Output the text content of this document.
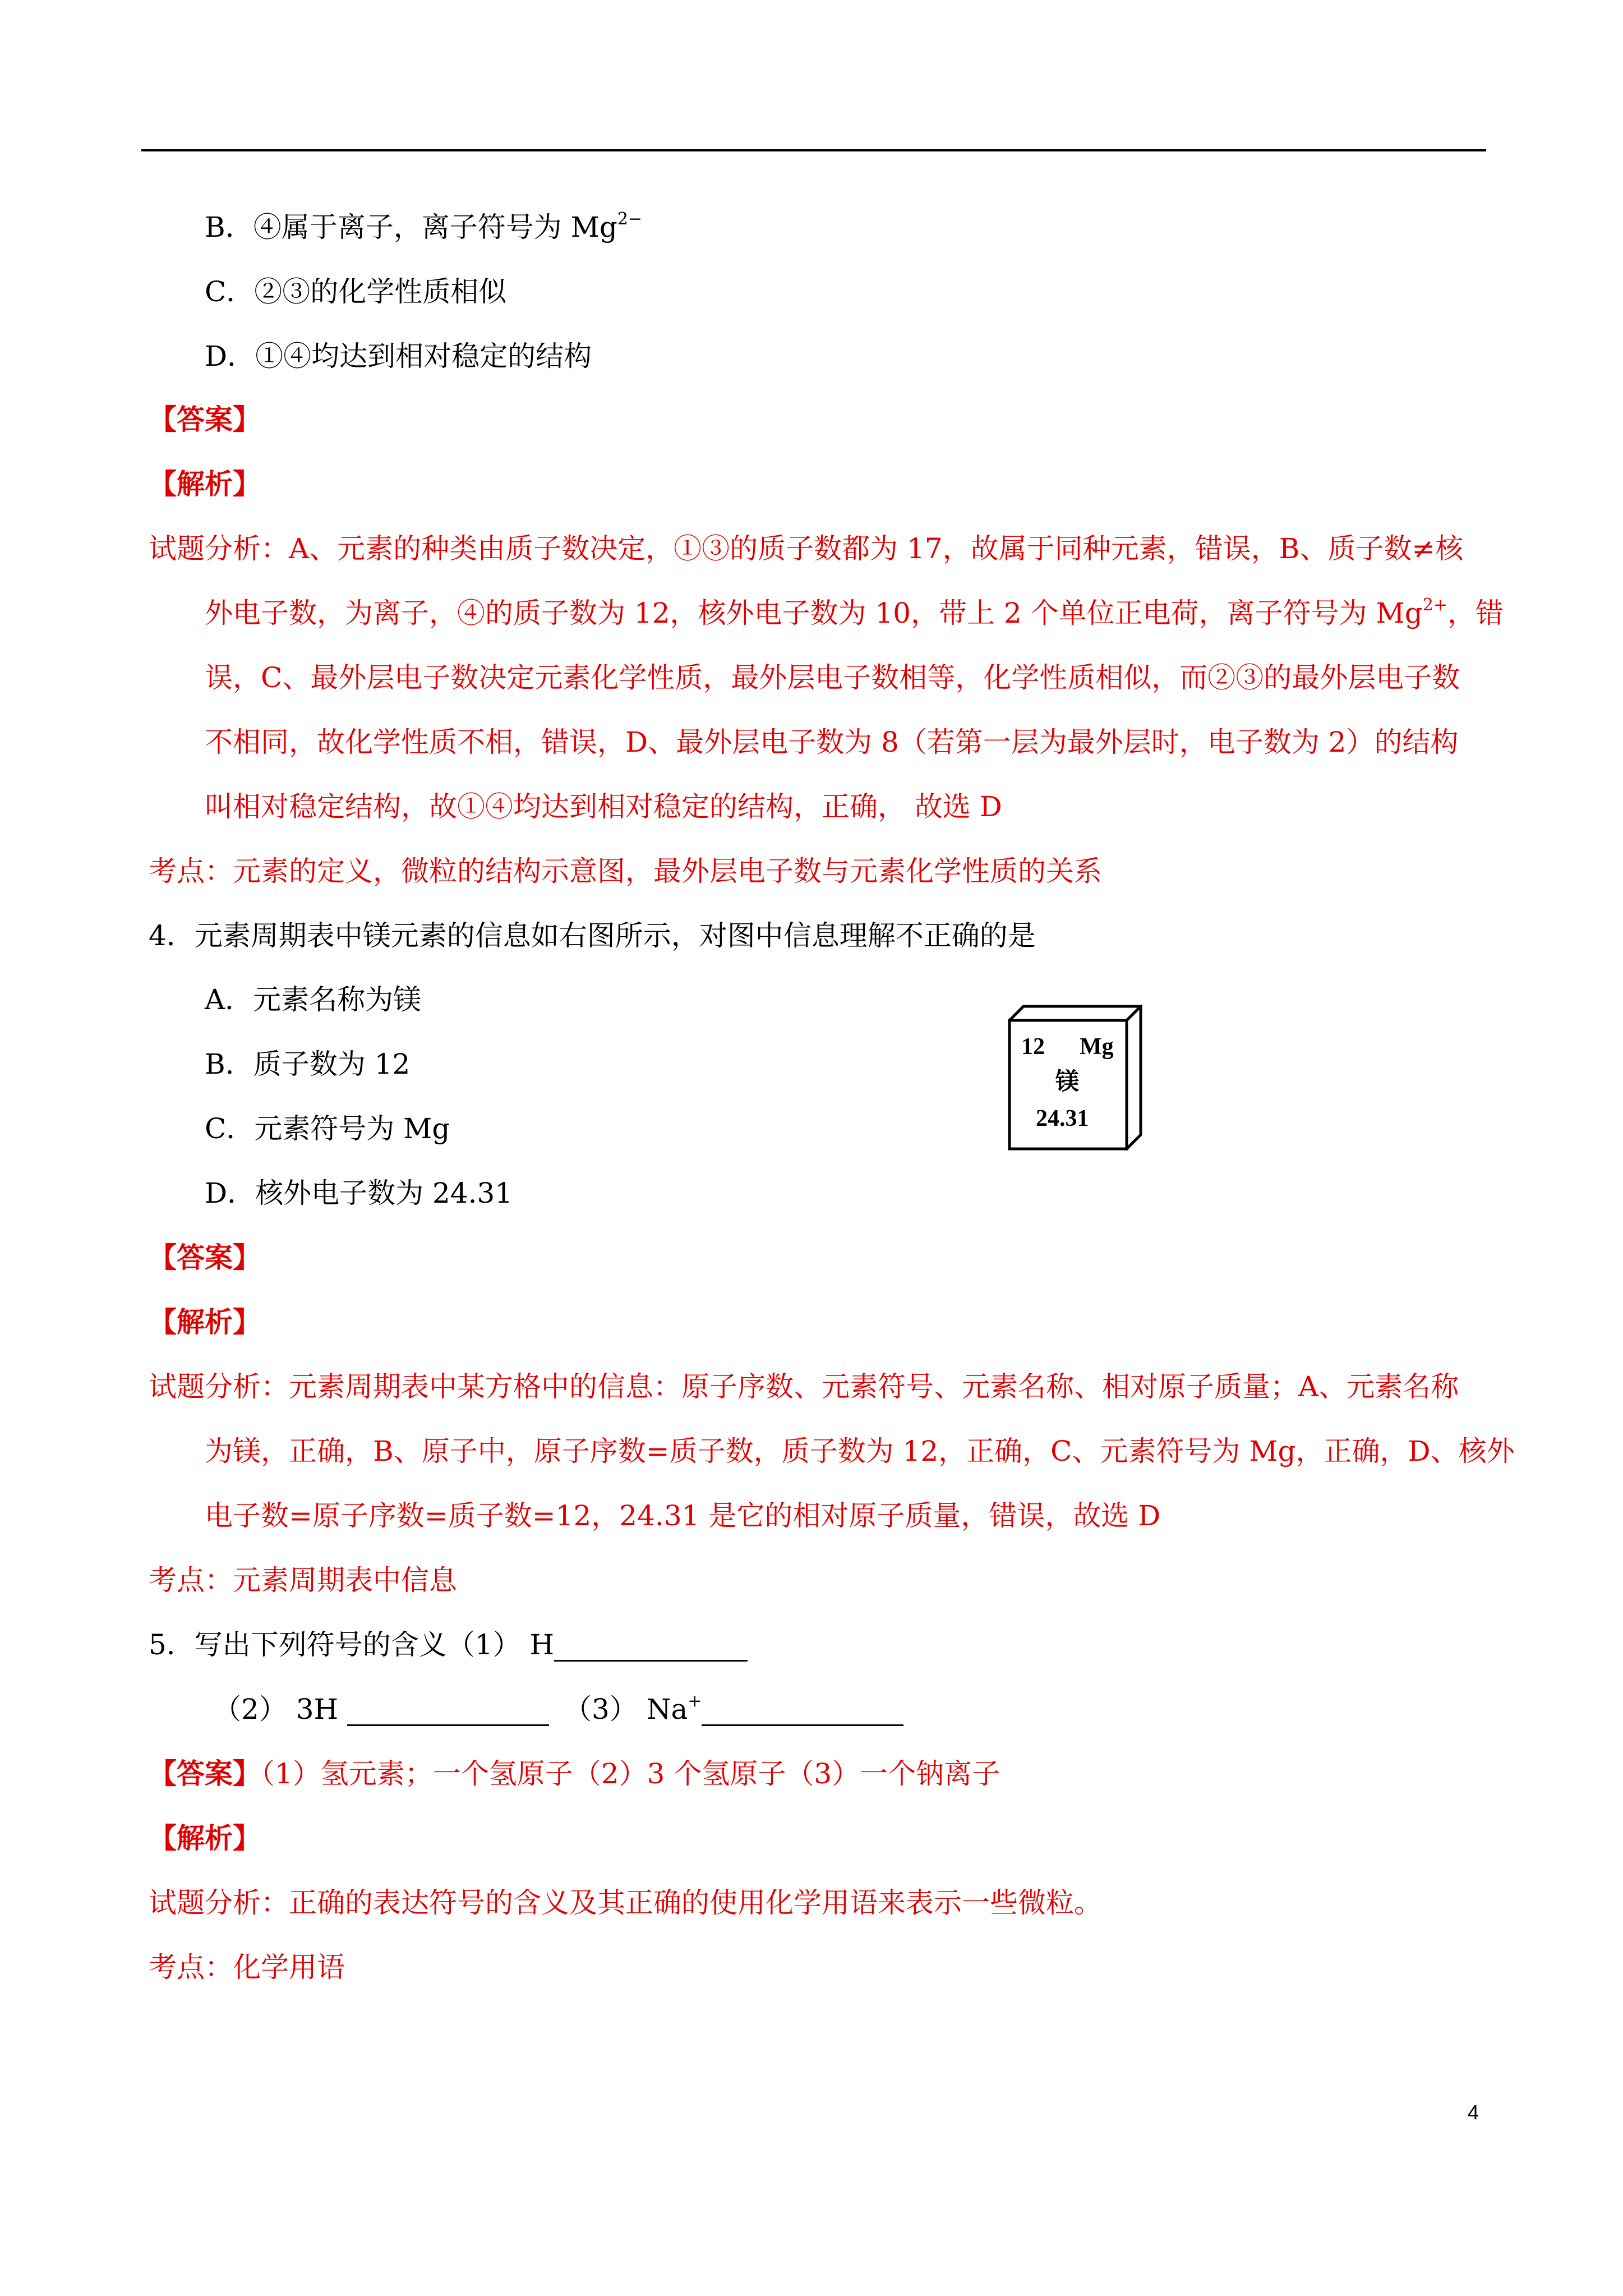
B．④属于离子，离子符号为 $Mg^{2-}$
C．②③的化学性质相似
D．①④均达到相对稳定的结构
【答案】
【解析】
试题分析：A、元素的种类由质子数决定，①③的质子数都为 17，故属于同种元素，错误，B、质子数≠核
外电子数，为离子，④的质子数为 12，核外电子数为 10，带上 2 个单位正电荷，离子符号为 $Mg^{2+}$，错
误，C、最外层电子数决定元素化学性质，最外层电子数相等，化学性质相似，而②③的最外层电子数
不相同，故化学性质不相，错误，D、最外层电子数为 8（若第一层为最外层时，电子数为 2）的结构
叫相对稳定结构，故①④均达到相对稳定的结构，正确， 故选 D
考点：元素的定义，微粒的结构示意图，最外层电子数与元素化学性质的关系
4．元素周期表中镁元素的信息如右图所示，对图中信息理解不正确的是
A．元素名称为镁
B．质子数为 12
C．元素符号为 Mg
D．核外电子数为 24.31
12 Mg
镁
24.31
【答案】
【解析】
试题分析：元素周期表中某方格中的信息：原子序数、元素符号、元素名称、相对原子质量；A、元素名称
为镁，正确，B、原子中，原子序数=质子数，质子数为 12，正确，C、元素符号为 Mg，正确，D、核外
电子数=原子序数=质子数=12，24.31 是它的相对原子质量，错误，故选 D
考点：元素周期表中信息
5．写出下列符号的含义（1） H
（2） 3H	（3） Na+
【答案】（1）氢元素；一个氢原子（2）3 个氢原子（3）一个钠离子
【解析】
试题分析：正确的表达符号的含义及其正确的使用化学用语来表示一些微粒。
考点：化学用语
4
